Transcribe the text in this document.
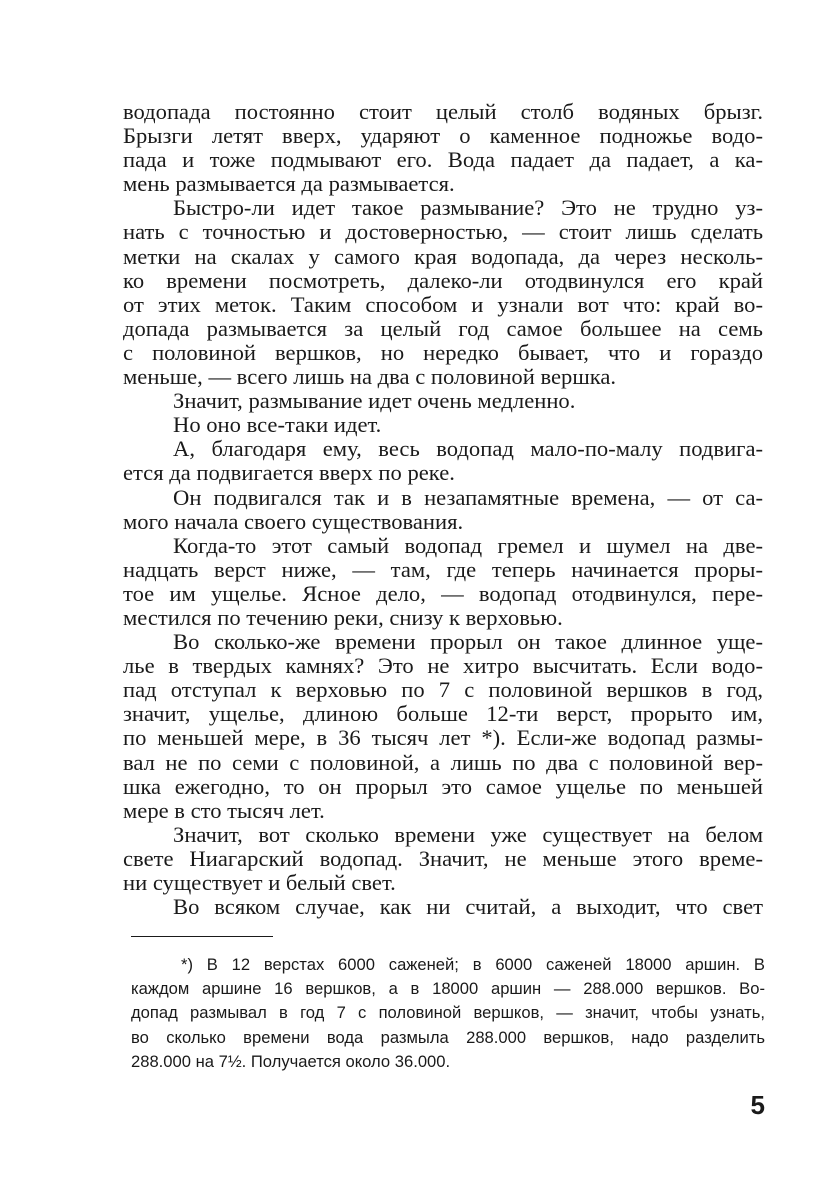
водопада постоянно стоит целый столб водяных брызг.
Брызги летят вверх, ударяют о каменное подножье водо-
пада и тоже подмывают его. Вода падает да падает, а ка-
мень размывается да размывается.
Быстро-ли идет такое размывание? Это не трудно уз-
нать с точностью и достоверностью, — стоит лишь сделать
метки на скалах у самого края водопада, да через несколь-
ко времени посмотреть, далеко-ли отодвинулся его край
от этих меток. Таким способом и узнали вот что: край во-
допада размывается за целый год самое большее на семь
с половиной вершков, но нередко бывает, что и гораздо
меньше, — всего лишь на два с половиной вершка.
Значит, размывание идет очень медленно.
Но оно все-таки идет.
А, благодаря ему, весь водопад мало-по-малу подвига-
ется да подвигается вверх по реке.
Он подвигался так и в незапамятные времена, — от са-
мого начала своего существования.
Когда-то этот самый водопад гремел и шумел на две-
надцать верст ниже, — там, где теперь начинается проры-
тое им ущелье. Ясное дело, — водопад отодвинулся, пере-
местился по течению реки, снизу к верховью.
Во сколько-же времени прорыл он такое длинное уще-
лье в твердых камнях? Это не хитро высчитать. Если водо-
пад отступал к верховью по 7 с половиной вершков в год,
значит, ущелье, длиною больше 12-ти верст, прорыто им,
по меньшей мере, в 36 тысяч лет *). Если-же водопад размы-
вал не по семи с половиной, а лишь по два с половиной вер-
шка ежегодно, то он прорыл это самое ущелье по меньшей
мере в сто тысяч лет.
Значит, вот сколько времени уже существует на белом
свете Ниагарский водопад. Значит, не меньше этого време-
ни существует и белый свет.
Во всяком случае, как ни считай, а выходит, что свет
*) В 12 верстах 6000 саженей; в 6000 саженей 18000 аршин. В
каждом аршине 16 вершков, а в 18000 аршин — 288.000 вершков. Во-
допад размывал в год 7 с половиной вершков, — значит, чтобы узнать,
во сколько времени вода размыла 288.000 вершков, надо разделить
288.000 на 7½. Получается около 36.000.
5
